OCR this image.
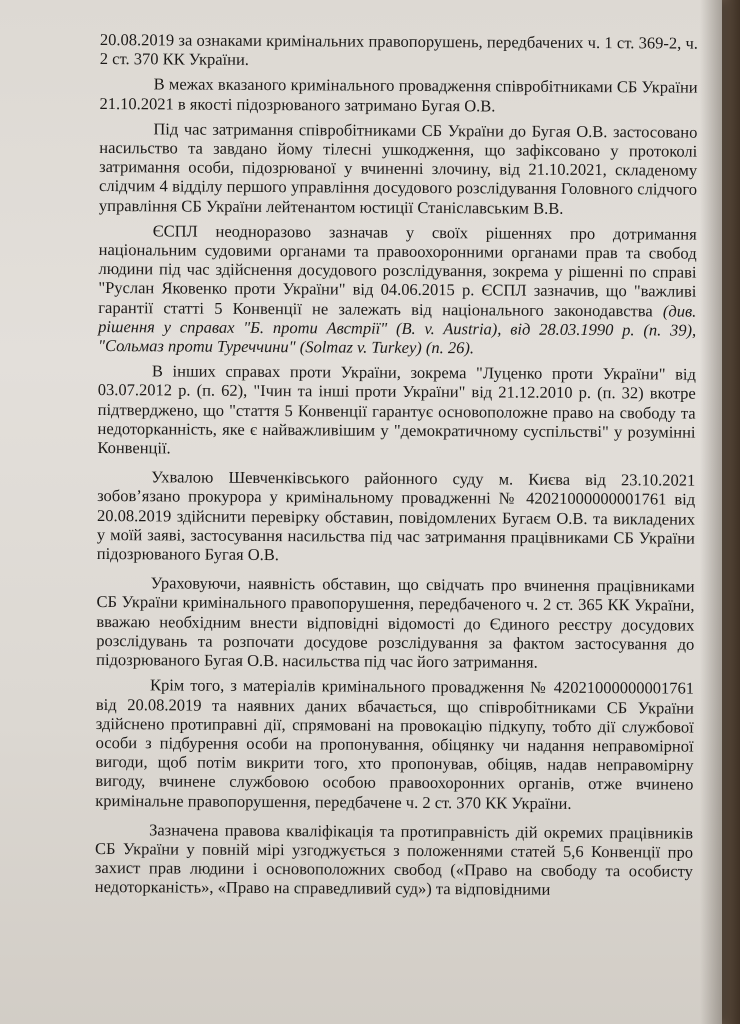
20.08.2019 за ознаками кримінальних правопорушень, передбачених ч. 1 ст. 369-2, ч. 2 ст. 370 КК України.

В межах вказаного кримінального провадження співробітниками СБ України 21.10.2021 в якості підозрюваного затримано Бугая О.В.

Під час затримання співробітниками СБ України до Бугая О.В. застосовано насильство та завдано йому тілесні ушкодження, що зафіксовано у протоколі затримання особи, підозрюваної у вчиненні злочину, від 21.10.2021, складеному слідчим 4 відділу першого управління досудового розслідування Головного слідчого управління СБ України лейтенантом юстиції Станіславським В.В.

ЄСПЛ неодноразово зазначав у своїх рішеннях про дотримання національним судовими органами та правоохоронними органами прав та свобод людини під час здійснення досудового розслідування, зокрема у рішенні по справі "Руслан Яковенко проти України" від 04.06.2015 р. ЄСПЛ зазначив, що "важливі гарантії статті 5 Конвенції не залежать від національного законодавства (див. рішення у справах "Б. проти Австрії" (B. v. Austria), від 28.03.1990 р. (п. 39), "Сольмаз проти Туреччини" (Solmaz v. Turkey) (п. 26).

В інших справах проти України, зокрема "Луценко проти України" від 03.07.2012 р. (п. 62), "Ічин та інші проти України" від 21.12.2010 р. (п. 32) вкотре підтверджено, що "стаття 5 Конвенції гарантує основоположне право на свободу та недоторканність, яке є найважливішим у "демократичному суспільстві" у розумінні Конвенції.

Ухвалою Шевченківського районного суду м. Києва від 23.10.2021 зобов’язано прокурора у кримінальному провадженні № 42021000000001761 від 20.08.2019 здійснити перевірку обставин, повідомлених Бугаєм О.В. та викладених у моїй заяві, застосування насильства під час затримання працівниками СБ України підозрюваного Бугая О.В.

Ураховуючи, наявність обставин, що свідчать про вчинення працівниками СБ України кримінального правопорушення, передбаченого ч. 2 ст. 365 КК України, вважаю необхідним внести відповідні відомості до Єдиного реєстру досудових розслідувань та розпочати досудове розслідування за фактом застосування до підозрюваного Бугая О.В. насильства під час його затримання.

Крім того, з матеріалів кримінального провадження № 42021000000001761 від 20.08.2019 та наявних даних вбачається, що співробітниками СБ України здійснено протиправні дії, спрямовані на провокацію підкупу, тобто дії службової особи з підбурення особи на пропонування, обіцянку чи надання неправомірної вигоди, щоб потім викрити того, хто пропонував, обіцяв, надав неправомірну вигоду, вчинене службовою особою правоохоронних органів, отже вчинено кримінальне правопорушення, передбачене ч. 2 ст. 370 КК України.

Зазначена правова кваліфікація та протиправність дій окремих працівників СБ України у повній мірі узгоджується з положеннями статей 5,6 Конвенції про захист прав людини і основоположних свобод («Право на свободу та особисту недоторканість», «Право на справедливий суд») та відповідними
